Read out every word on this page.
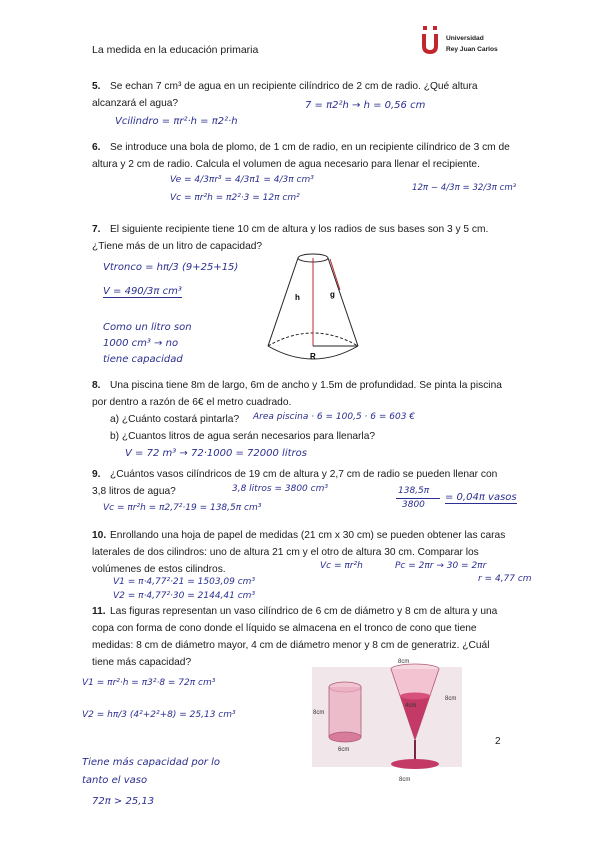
La medida en la educación primaria
Universidad
Rey Juan Carlos
5. Se echan 7 cm³ de agua en un recipiente cilíndrico de 2 cm de radio. ¿Qué altura alcanzará el agua?	7 = π2²h → h = 0,56 cm
Vcilindro = πr²·h = π2²·h
6. Se introduce una bola de plomo, de 1 cm de radio, en un recipiente cilíndrico de 3 cm de altura y 2 cm de radio. Calcula el volumen de agua necesario para llenar el recipiente.
Ve = 4/3πr³ = 4/3π1 = 4/3π cm³
Vc = πr²h = π2²·3 = 12π cm²
12π − 4/3π = 32/3π cm³
7. El siguiente recipiente tiene 10 cm de altura y los radios de sus bases son 3 y 5 cm. ¿Tiene más de un litro de capacidad?
Vtronco = hπ/3 (9+25+15)
V = 490/3π cm³
Como un litro son
1000 cm³ → no
tiene capacidad
h	g
R
8. Una piscina tiene 8m de largo, 6m de ancho y 1.5m de profundidad. Se pinta la piscina por dentro a razón de 6€ el metro cuadrado.
a) ¿Cuánto costará pintarla?	Area piscina · 6 = 100,5 · 6 = 603 €
b) ¿Cuantos litros de agua serán necesarios para llenarla?
V = 72 m³ → 72·1000 = 72000 litros
9. ¿Cuántos vasos cilíndricos de 19 cm de altura y 2,7 cm de radio se pueden llenar con 3,8 litros de agua?	3,8 litros = 3800 cm³
Vc = πr²h = π2,7²·19 = 138,5π cm³
138,5π
3800
= 0,04π vasos
10. Enrollando una hoja de papel de medidas (21 cm x 30 cm) se pueden obtener las caras laterales de dos cilindros: uno de altura 21 cm y el otro de altura 30 cm. Comparar los volúmenes de estos cilindros.	Vc = πr²h	Pc = 2πr → 30 = 2πr
r = 4,77 cm
V1 = π·4,77²·21 = 1503,09 cm³
V2 = π·4,77²·30 = 2144,41 cm³
11. Las figuras representan un vaso cilíndrico de 6 cm de diámetro y 8 cm de altura y una copa con forma de cono donde el líquido se almacena en el tronco de cono que tiene medidas: 8 cm de diámetro mayor, 4 cm de diámetro menor y 8 cm de generatriz. ¿Cuál tiene más capacidad?
V1 = πr²·h = π3²·8 = 72π cm³
V2 = hπ/3 (4²+2²+8) = 25,13 cm³
Tiene más capacidad por lo
tanto el vaso
72π > 25,13
8cm
8cm
4cm
8cm
8cm
6cm
2
